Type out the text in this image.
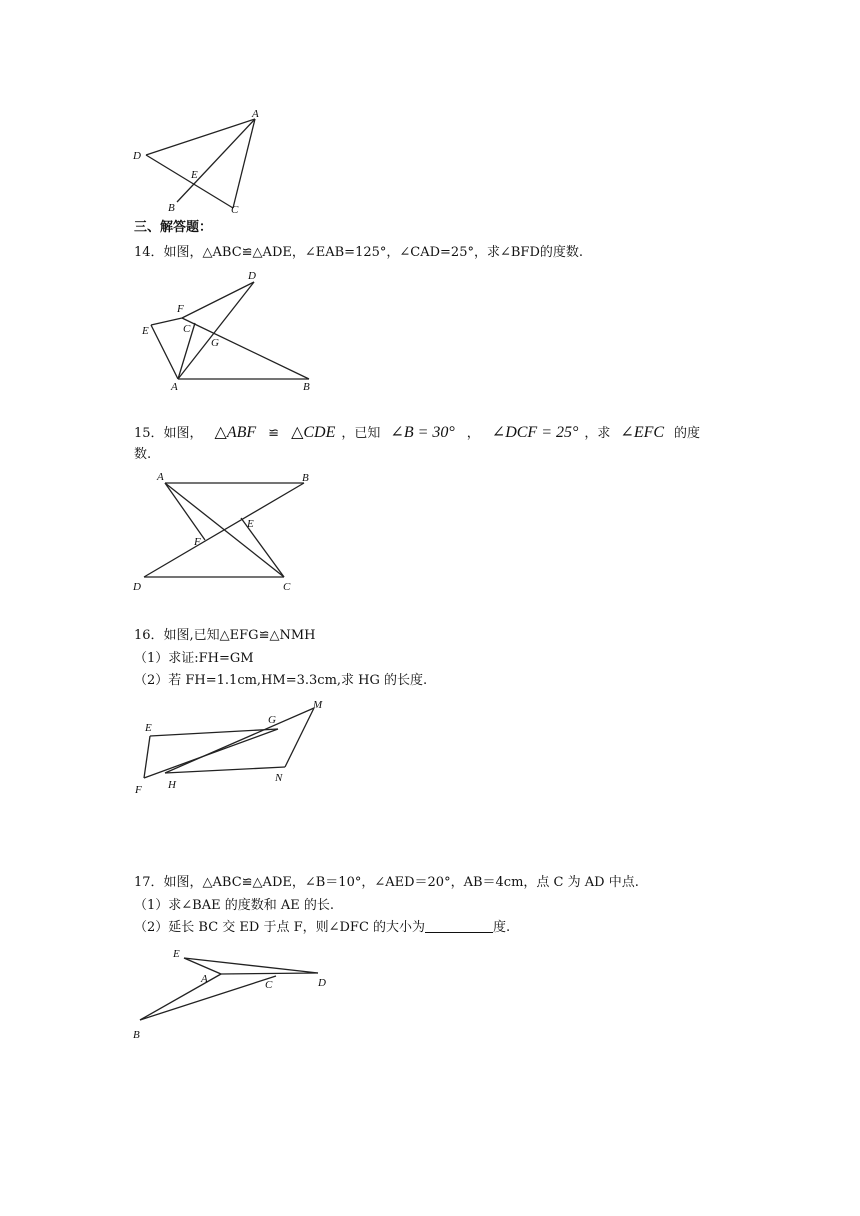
A
D
E
B	C
三、解答题：
14．如图，△ABC≌△ADE，∠EAB=125°，∠CAD=25°，求∠BFD的度数.
D
F
E	C
G
A	B
15．如图， △ABF ≌ △CDE ，已知 ∠B = 30° ， ∠DCF = 25° ，求 ∠EFC 的度
数.
A	B
E
F
D	C
16．如图,已知△EFG≌△NMH
（1）求证:FH=GM
（2）若 FH=1.1cm,HM=3.3cm,求 HG 的长度.
E
G
M
F H
N
17．如图，△ABC≌△ADE，∠B＝10°，∠AED＝20°，AB＝4cm，点 C 为 AD 中点.
（1）求∠BAE 的度数和 AE 的长.
（2）延长 BC 交 ED 于点 F，则∠DFC 的大小为	度.
E
A	C	D
B
